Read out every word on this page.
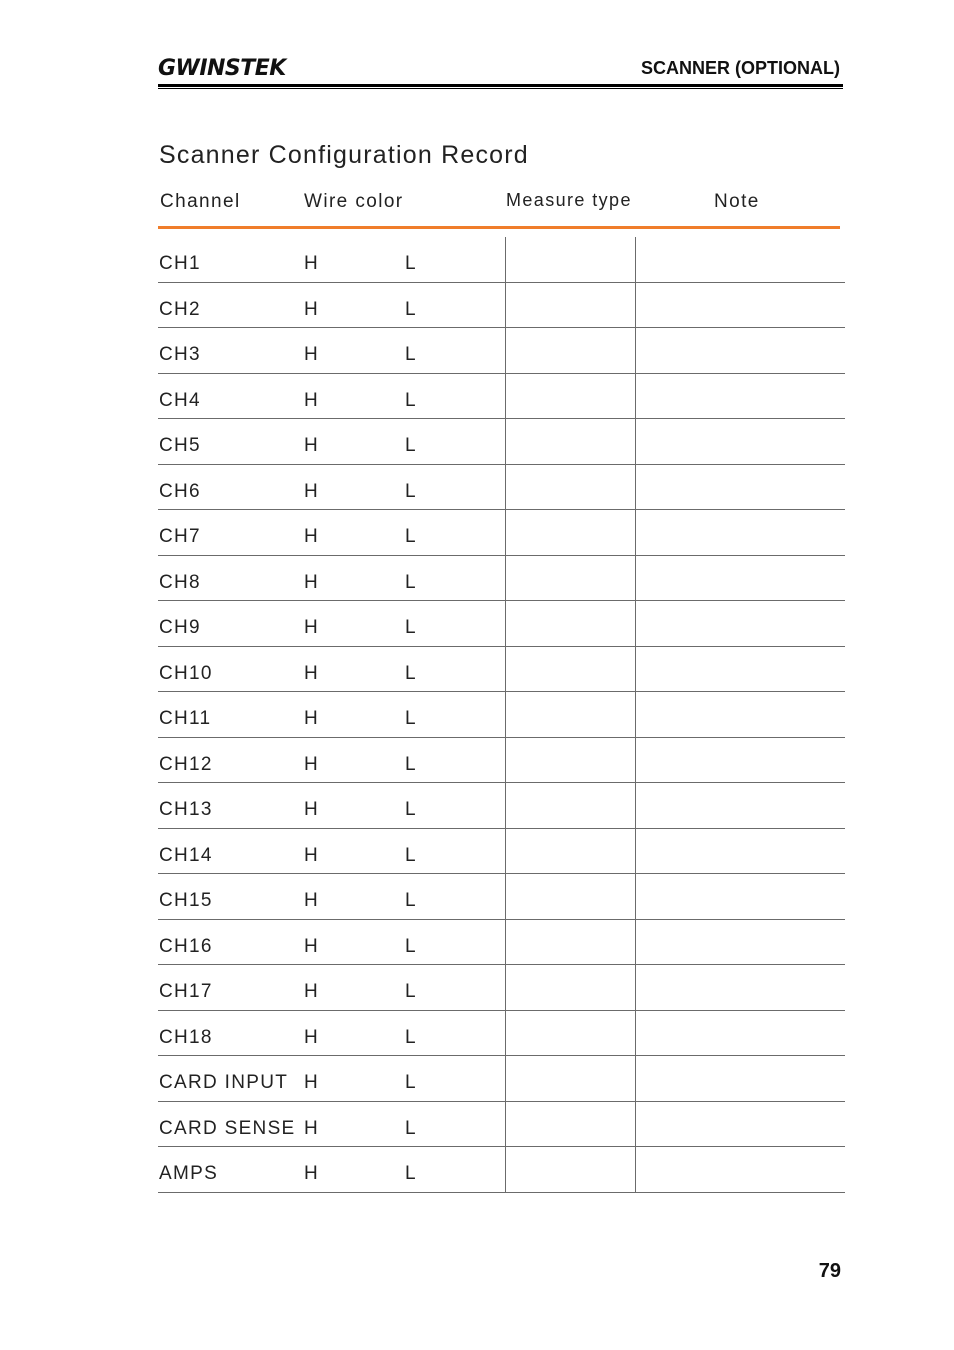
GWINSTEK	SCANNER (OPTIONAL)
Scanner Configuration Record
Channel	Wire color	Measure type	Note
CH1	H	L
CH2	H	L
CH3	H	L
CH4	H	L
CH5	H	L
CH6	H	L
CH7	H	L
CH8	H	L
CH9	H	L
CH10	H	L
CH11	H	L
CH12	H	L
CH13	H	L
CH14	H	L
CH15	H	L
CH16	H	L
CH17	H	L
CH18	H	L
CARD INPUT H	L
CARD SENSE H	L
AMPS	H	L
79
